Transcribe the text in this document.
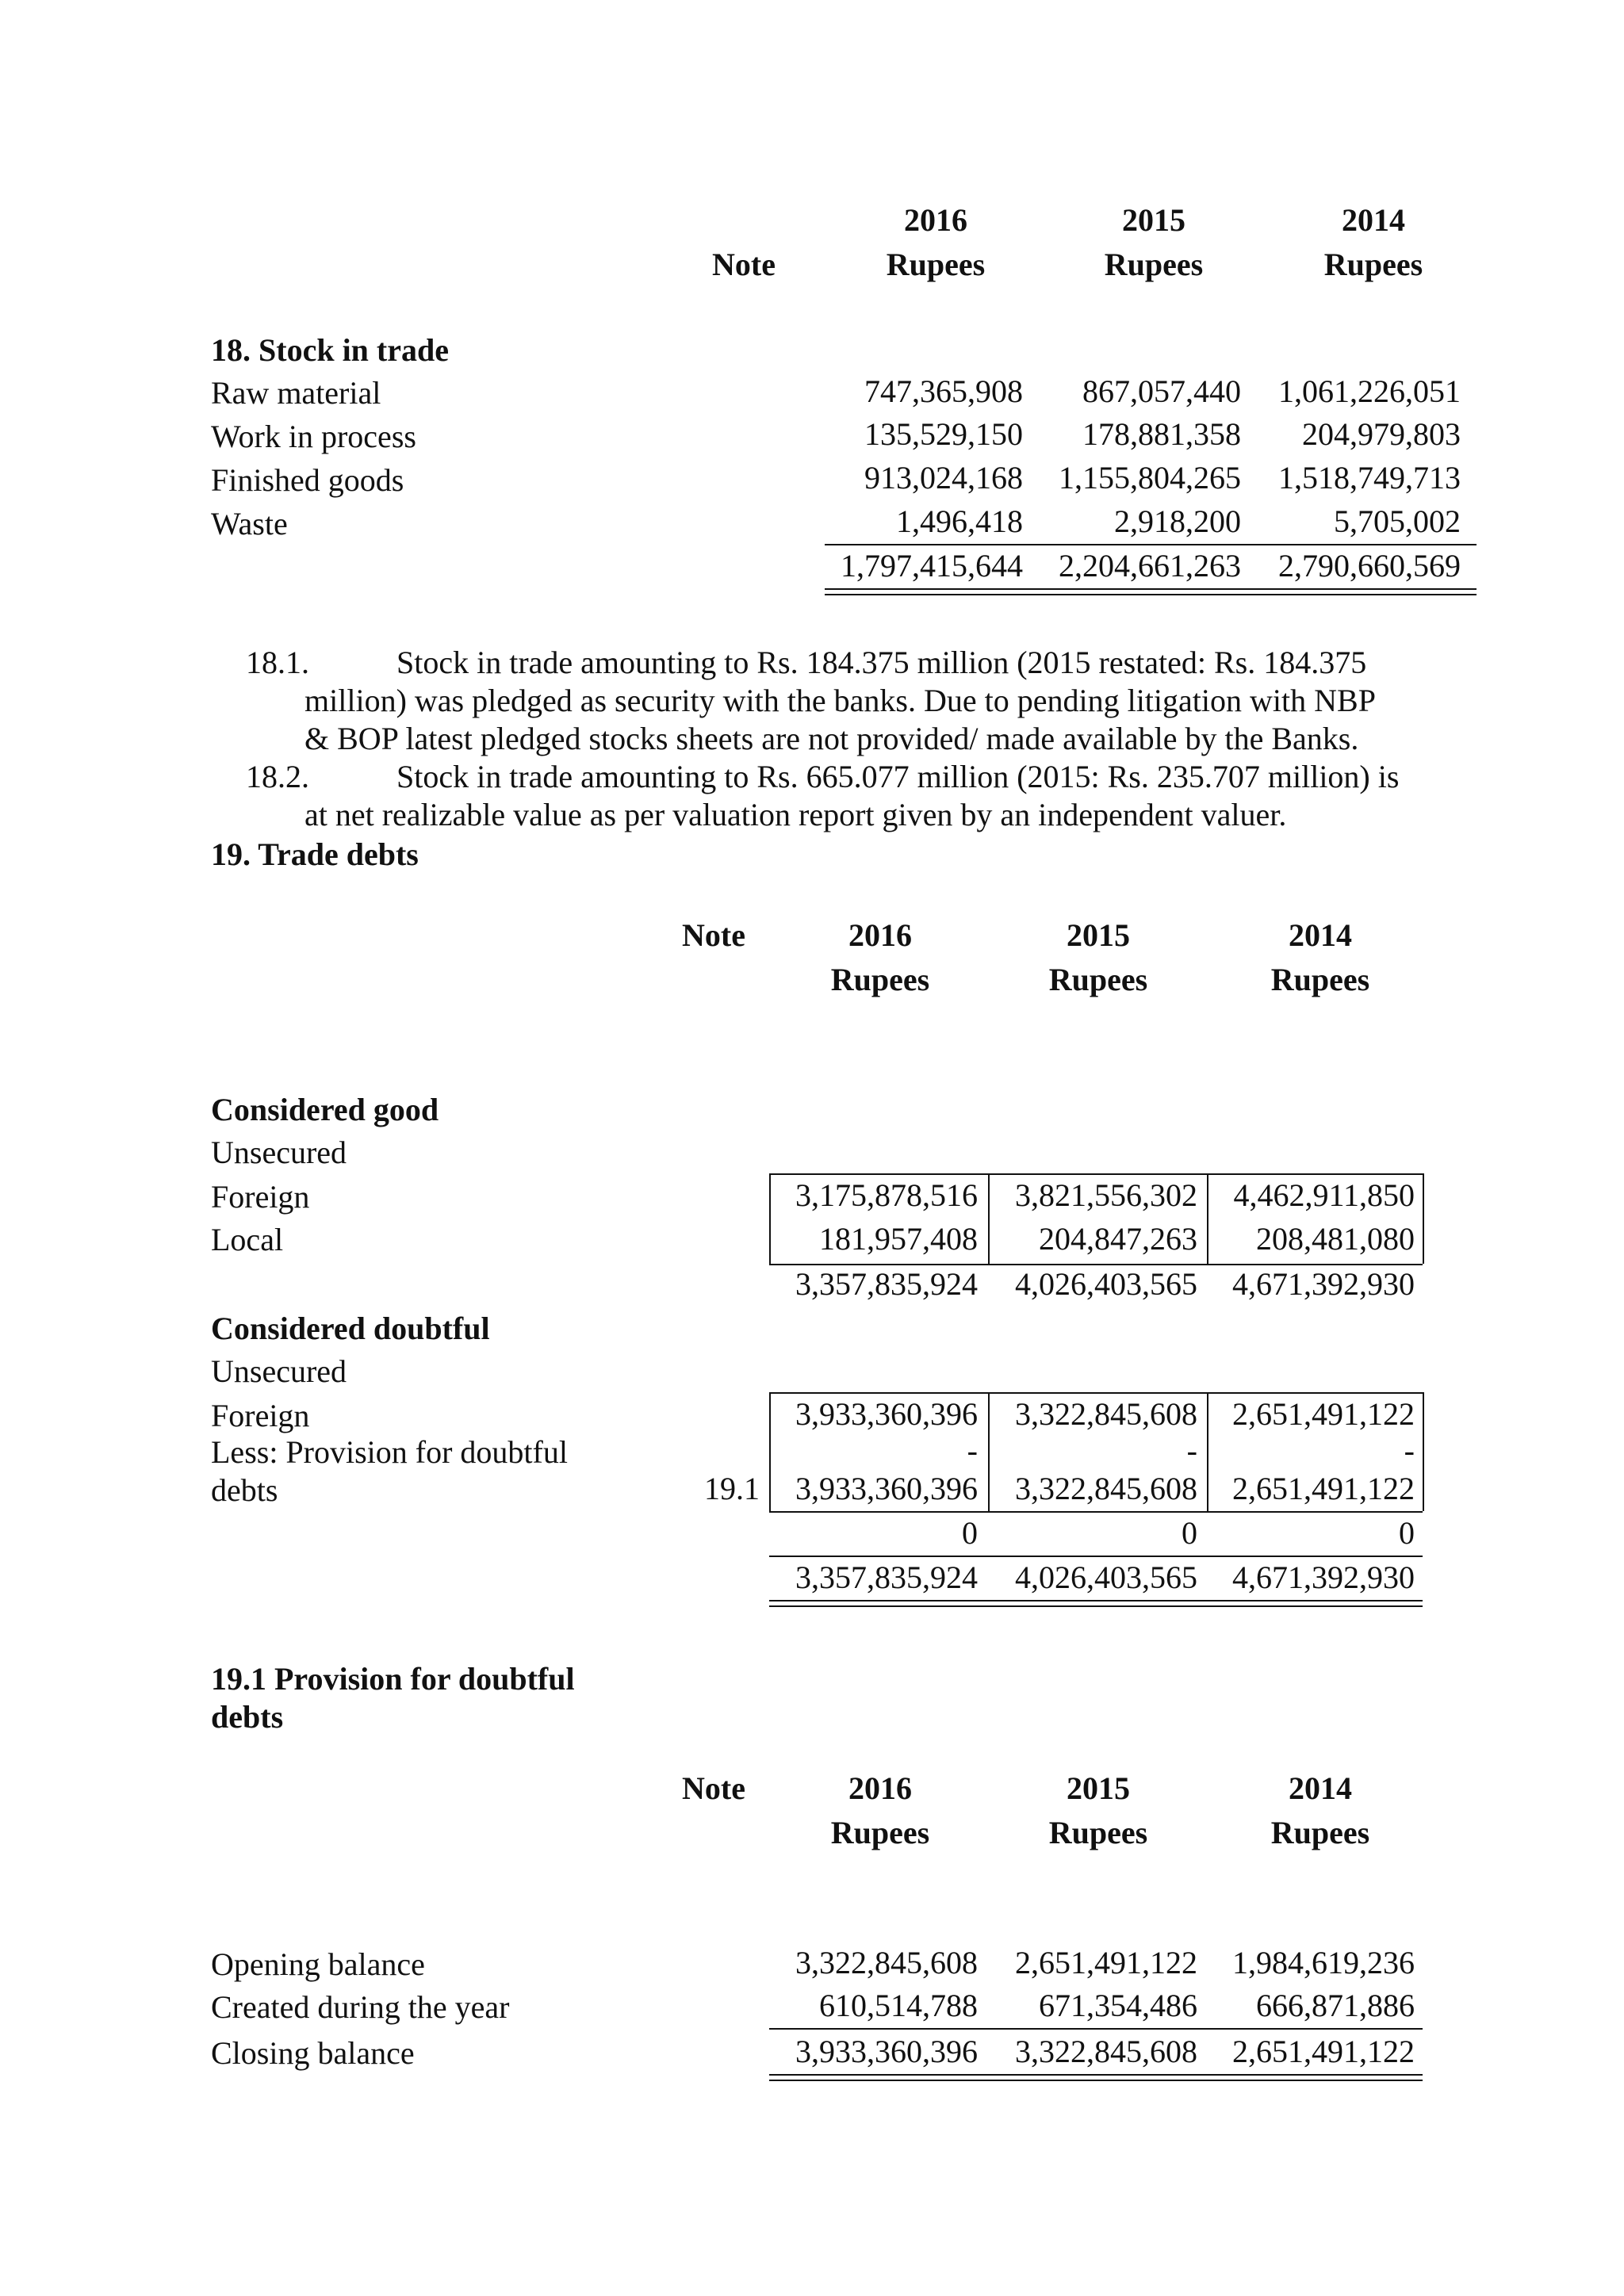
2016	2015	2014
Note	Rupees	Rupees	Rupees
18. Stock in trade
Raw material	747,365,908	867,057,440	1,061,226,051
Work in process	135,529,150	178,881,358	204,979,803
Finished goods	913,024,168	1,155,804,265	1,518,749,713
Waste	1,496,418	2,918,200	5,705,002
1,797,415,644	2,204,661,263	2,790,660,569
18.1.	Stock in trade amounting to Rs. 184.375 million (2015 restated: Rs. 184.375
million) was pledged as security with the banks. Due to pending litigation with NBP
& BOP latest pledged stocks sheets are not provided/ made available by the Banks.
18.2.	Stock in trade amounting to Rs. 665.077 million (2015: Rs. 235.707 million) is
at net realizable value as per valuation report given by an independent valuer.
19. Trade debts
Note	2016	2015	2014
Rupees	Rupees	Rupees
Considered good
Unsecured
Foreign	3,175,878,516	3,821,556,302	4,462,911,850
Local	181,957,408	204,847,263	208,481,080
3,357,835,924	4,026,403,565	4,671,392,930
Considered doubtful
Unsecured
Foreign	3,933,360,396	3,322,845,608	2,651,491,122
Less: Provision for doubtful	-	-	-
debts	19.1	3,933,360,396	3,322,845,608	2,651,491,122
0	0	0
3,357,835,924	4,026,403,565	4,671,392,930
19.1 Provision for doubtful
debts
Note	2016	2015	2014
Rupees	Rupees	Rupees
Opening balance	3,322,845,608	2,651,491,122	1,984,619,236
Created during the year	610,514,788	671,354,486	666,871,886
Closing balance	3,933,360,396	3,322,845,608	2,651,491,122
